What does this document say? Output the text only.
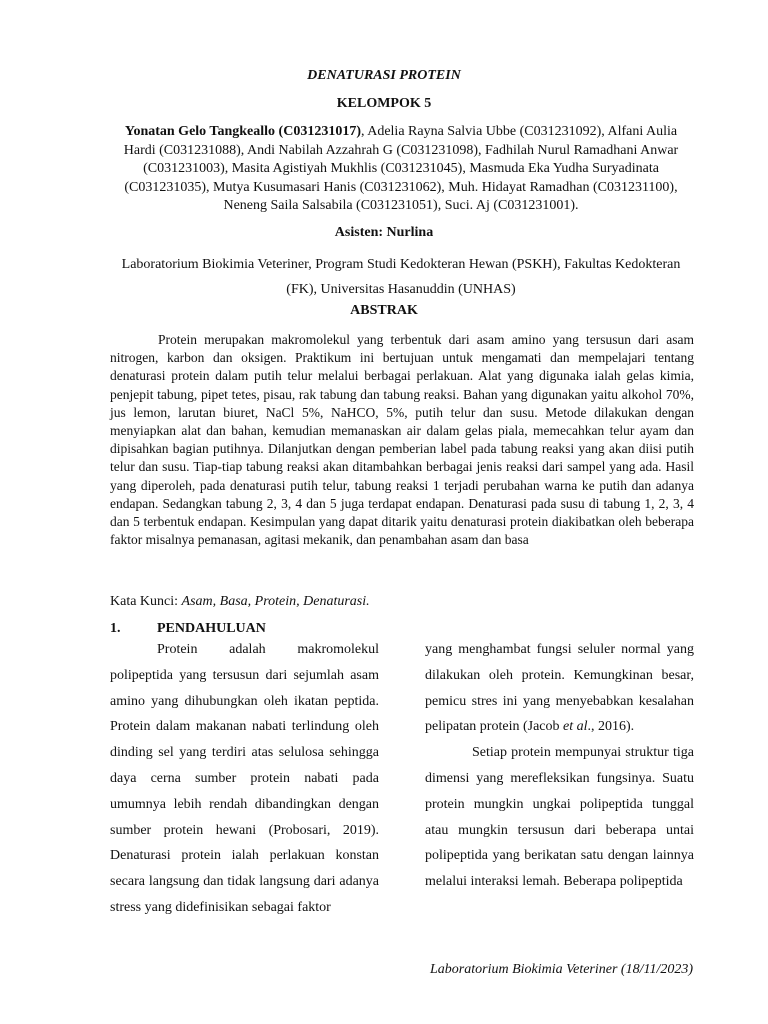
DENATURASI PROTEIN
KELOMPOK 5
Yonatan Gelo Tangkeallo (C031231017), Adelia Rayna Salvia Ubbe (C031231092), Alfani Aulia Hardi (C031231088), Andi Nabilah Azzahrah G (C031231098), Fadhilah Nurul Ramadhani Anwar (C031231003), Masita Agistiyah Mukhlis (C031231045), Masmuda Eka Yudha Suryadinata (C031231035), Mutya Kusumasari Hanis (C031231062), Muh. Hidayat Ramadhan (C031231100), Neneng Saila Salsabila (C031231051), Suci. Aj (C031231001).
Asisten: Nurlina
Laboratorium Biokimia Veteriner, Program Studi Kedokteran Hewan (PSKH), Fakultas Kedokteran (FK), Universitas Hasanuddin (UNHAS)
ABSTRAK

Protein merupakan makromolekul yang terbentuk dari asam amino yang tersusun dari asam nitrogen, karbon dan oksigen. Praktikum ini bertujuan untuk mengamati dan mempelajari tentang denaturasi protein dalam putih telur melalui berbagai perlakuan. Alat yang digunaka ialah gelas kimia, penjepit tabung, pipet tetes, pisau, rak tabung dan tabung reaksi. Bahan yang digunakan yaitu alkohol 70%, jus lemon, larutan biuret, NaCl 5%, NaHCO, 5%, putih telur dan susu. Metode dilakukan dengan menyiapkan alat dan bahan, kemudian memanaskan air dalam gelas piala, memecahkan telur ayam dan dipisahkan bagian putihnya. Dilanjutkan dengan pemberian label pada tabung reaksi yang akan diisi putih telur dan susu. Tiap-tiap tabung reaksi akan ditambahkan berbagai jenis reaksi dari sampel yang ada. Hasil yang diperoleh, pada denaturasi putih telur, tabung reaksi 1 terjadi perubahan warna ke putih dan adanya endapan. Sedangkan tabung 2, 3, 4 dan 5 juga terdapat endapan. Denaturasi pada susu di tabung 1, 2, 3, 4 dan 5 terbentuk endapan. Kesimpulan yang dapat ditarik yaitu denaturasi protein diakibatkan oleh beberapa faktor misalnya pemanasan, agitasi mekanik, dan penambahan asam dan basa

Kata Kunci: Asam, Basa, Protein, Denaturasi.
1.	PENDAHULUAN

Protein adalah makromolekul polipeptida yang tersusun dari sejumlah asam amino yang dihubungkan oleh ikatan peptida. Protein dalam makanan nabati terlindung oleh dinding sel yang terdiri atas selulosa sehingga daya cerna sumber protein nabati pada umumnya lebih rendah dibandingkan dengan sumber protein hewani (Probosari, 2019). Denaturasi protein ialah perlakuan konstan secara langsung dan tidak langsung dari adanya stress yang didefinisikan sebagai faktor

yang menghambat fungsi seluler normal yang dilakukan oleh protein. Kemungkinan besar, pemicu stres ini yang menyebabkan kesalahan pelipatan protein (Jacob et al., 2016).

Setiap protein mempunyai struktur tiga dimensi yang merefleksikan fungsinya. Suatu protein mungkin ungkai polipeptida tunggal atau mungkin tersusun dari beberapa untai polipeptida yang berikatan satu dengan lainnya melalui interaksi lemah. Beberapa polipeptida

Laboratorium Biokimia Veteriner (18/11/2023)
